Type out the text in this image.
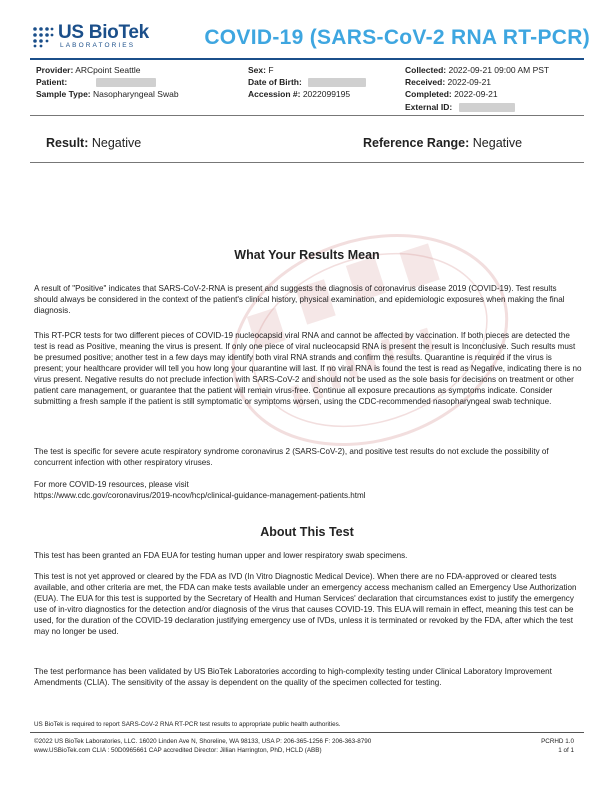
US BioTek
LABORATORIES	COVID-19 (SARS-CoV-2 RNA RT-PCR)
Provider: ARCpoint Seattle
Patient:
Sample Type: Nasopharyngeal Swab
Sex: F
Date of Birth:
Accession #: 2022099195
Collected: 2022-09-21 09:00 AM PST
Received: 2022-09-21
Completed: 2022-09-21
External ID:
Result: Negative	Reference Range: Negative
What Your Results Mean
A result of "Positive" indicates that SARS-CoV-2-RNA is present and suggests the diagnosis of coronavirus disease 2019 (COVID-19). Test results should always be considered in the context of the patient's clinical history, physical examination, and epidemiologic exposures when making the final diagnosis.
This RT-PCR tests for two different pieces of COVID-19 nucleocapsid viral RNA and cannot be affected by vaccination. If both pieces are detected the test is read as Positive, meaning the virus is present. If only one piece of viral nucleocapsid RNA is present the result is Inconclusive. Such results must be presumed positive; another test in a few days may identify both viral RNA strands and confirm the results. Quarantine is required if the virus is present; your healthcare provider will tell you how long your quarantine will last. If no viral RNA is found the test is read as Negative, indicating there is no virus present. Negative results do not preclude infection with SARS-CoV-2 and should not be used as the sole basis for decisions on treatment or other patient care management, or guarantee that the patient will remain virus-free. Continue all exposure precautions as symptoms indicate. Consider submitting a fresh sample if the patient is still symptomatic or symptoms worsen, using the CDC-recommended nasopharyngeal swab technique.
The test is specific for severe acute respiratory syndrome coronavirus 2 (SARS-CoV-2), and positive test results do not exclude the possibility of concurrent infection with other respiratory viruses.
For more COVID-19 resources, please visit
https://www.cdc.gov/coronavirus/2019-ncov/hcp/clinical-guidance-management-patients.html
About This Test
This test has been granted an FDA EUA for testing human upper and lower respiratory swab specimens.
This test is not yet approved or cleared by the FDA as IVD (In Vitro Diagnostic Medical Device). When there are no FDA-approved or cleared tests available, and other criteria are met, the FDA can make tests available under an emergency access mechanism called an Emergency Use Authorization (EUA). The EUA for this test is supported by the Secretary of Health and Human Services' declaration that circumstances exist to justify the emergency use of in-vitro diagnostics for the detection and/or diagnosis of the virus that causes COVID-19. This EUA will remain in effect, meaning this test can be used, for the duration of the COVID-19 declaration justifying emergency use of IVDs, unless it is terminated or revoked by the FDA, after which the test may no longer be used.
The test performance has been validated by US BioTek Laboratories according to high-complexity testing under Clinical Laboratory Improvement Amendments (CLIA). The sensitivity of the assay is dependent on the quality of the specimen collected for testing.
US BioTek is required to report SARS-CoV-2 RNA RT-PCR test results to appropriate public health authorities.
©2022 US BioTek Laboratories, LLC. 16020 Linden Ave N, Shoreline, WA 98133, USA P: 206-365-1256 F: 206-363-8790
www.USBioTek.com CLIA : 50D0965661 CAP accredited Director: Jillian Harrington, PhD, HCLD (ABB)
PCRHD 1.0
1 of 1
